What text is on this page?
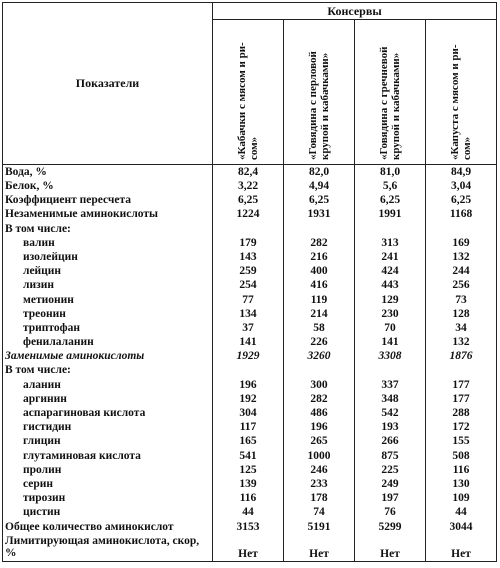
Показатели	Консервы			

	«Кабачки с мясом и ри-сом»	«Говядина с перловой крупой и кабачками»	«Говядина с гречневой крупой и кабачками»	«Капуста с мясом и ри-сом»

Вода, %	82,4	82,0	81,0	84,9
Белок, %	3,22	4,94	5,6	3,04
Коэффициент пересчета	6,25	6,25	6,25	6,25
Незаменимые аминокислоты	1224	1931	1991	1168
В том числе:				
валин	179	282	313	169
изолейцин	143	216	241	132
лейцин	259	400	424	244
лизин	254	416	443	256
метионин	77	119	129	73
треонин	134	214	230	128
триптофан	37	58	70	34
фенилаланин	141	226	141	132
Заменимые аминокислоты	1929	3260	3308	1876
В том числе:				
аланин	196	300	337	177
аргинин	192	282	348	177
аспарагиновая кислота	304	486	542	288
гистидин	117	196	193	172
глицин	165	265	266	155
глутаминовая кислота	541	1000	875	508
пролин	125	246	225	116
серин	139	233	249	130
тирозин	116	178	197	109
цистин	44	74	76	44
Общее количество аминокислот	3153	5191	5299	3044
Лимитирующая аминокислота, скор, %	Нет	Нет	Нет	Нет
